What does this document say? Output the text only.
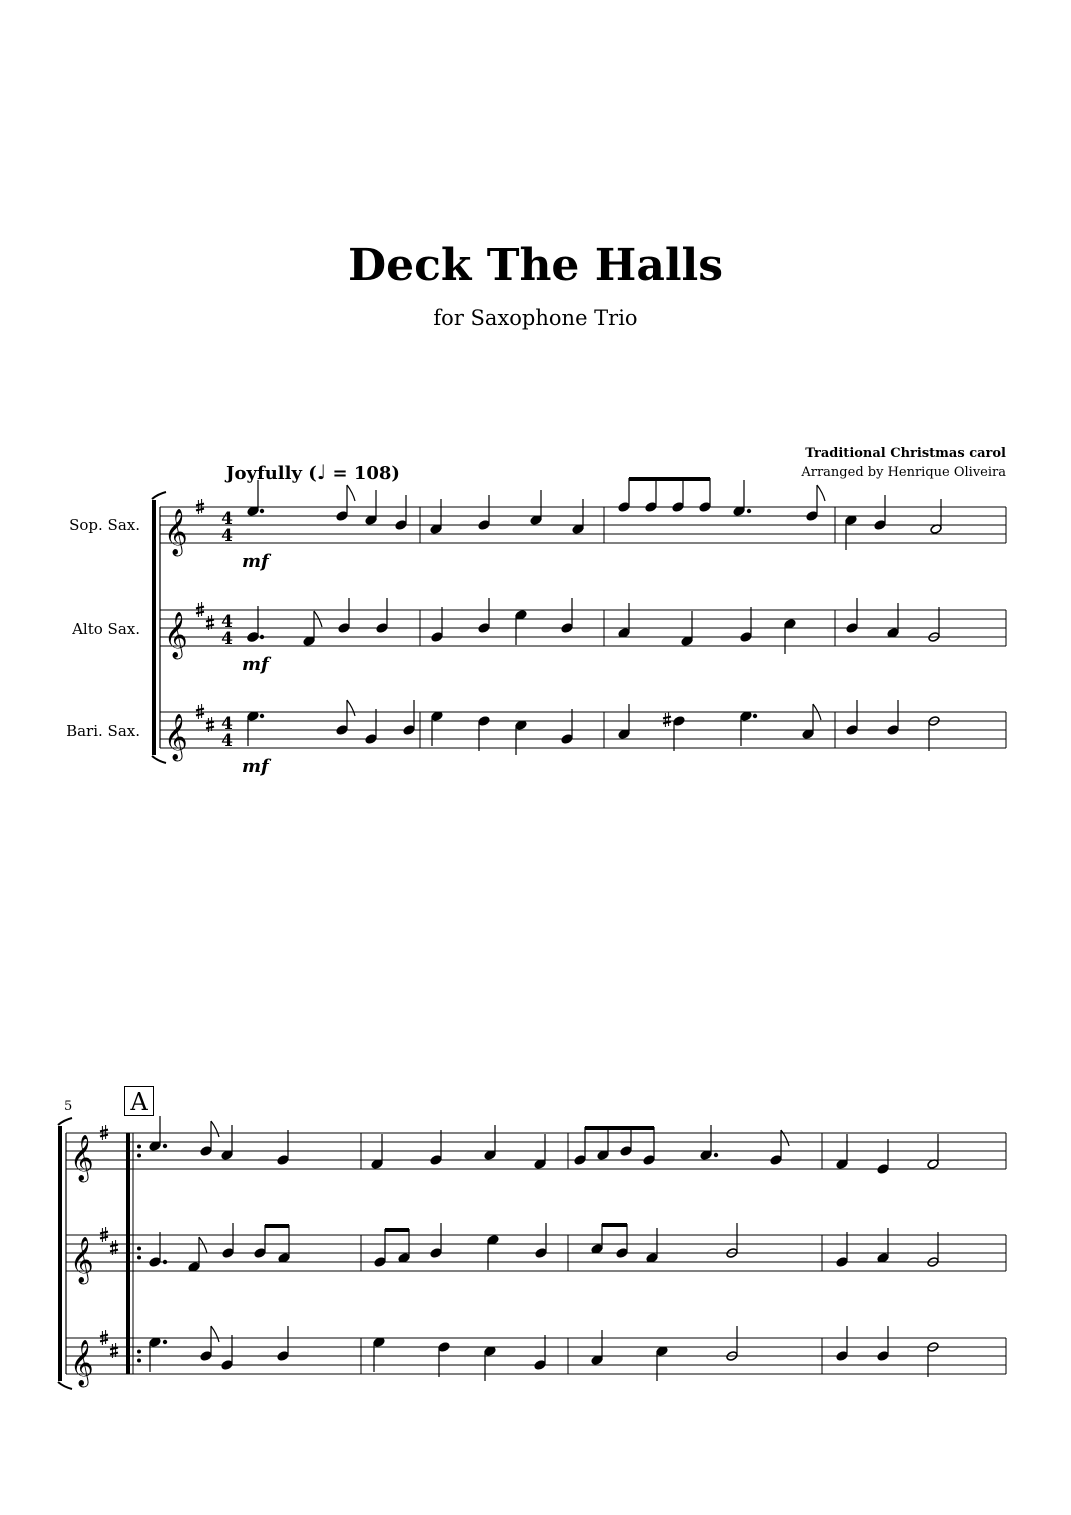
Deck The Halls
for Saxophone Trio
Traditional Christmas carol
Arranged by Henrique Oliveira
Joyfully (♩ = 108)
Sop. Sax.
Alto Sax.
Bari. Sax.
5 A
𝄞
𝄞
𝄞
4
4
4
4
4
4
mf
mf
mf
𝄞
𝄞
𝄞
